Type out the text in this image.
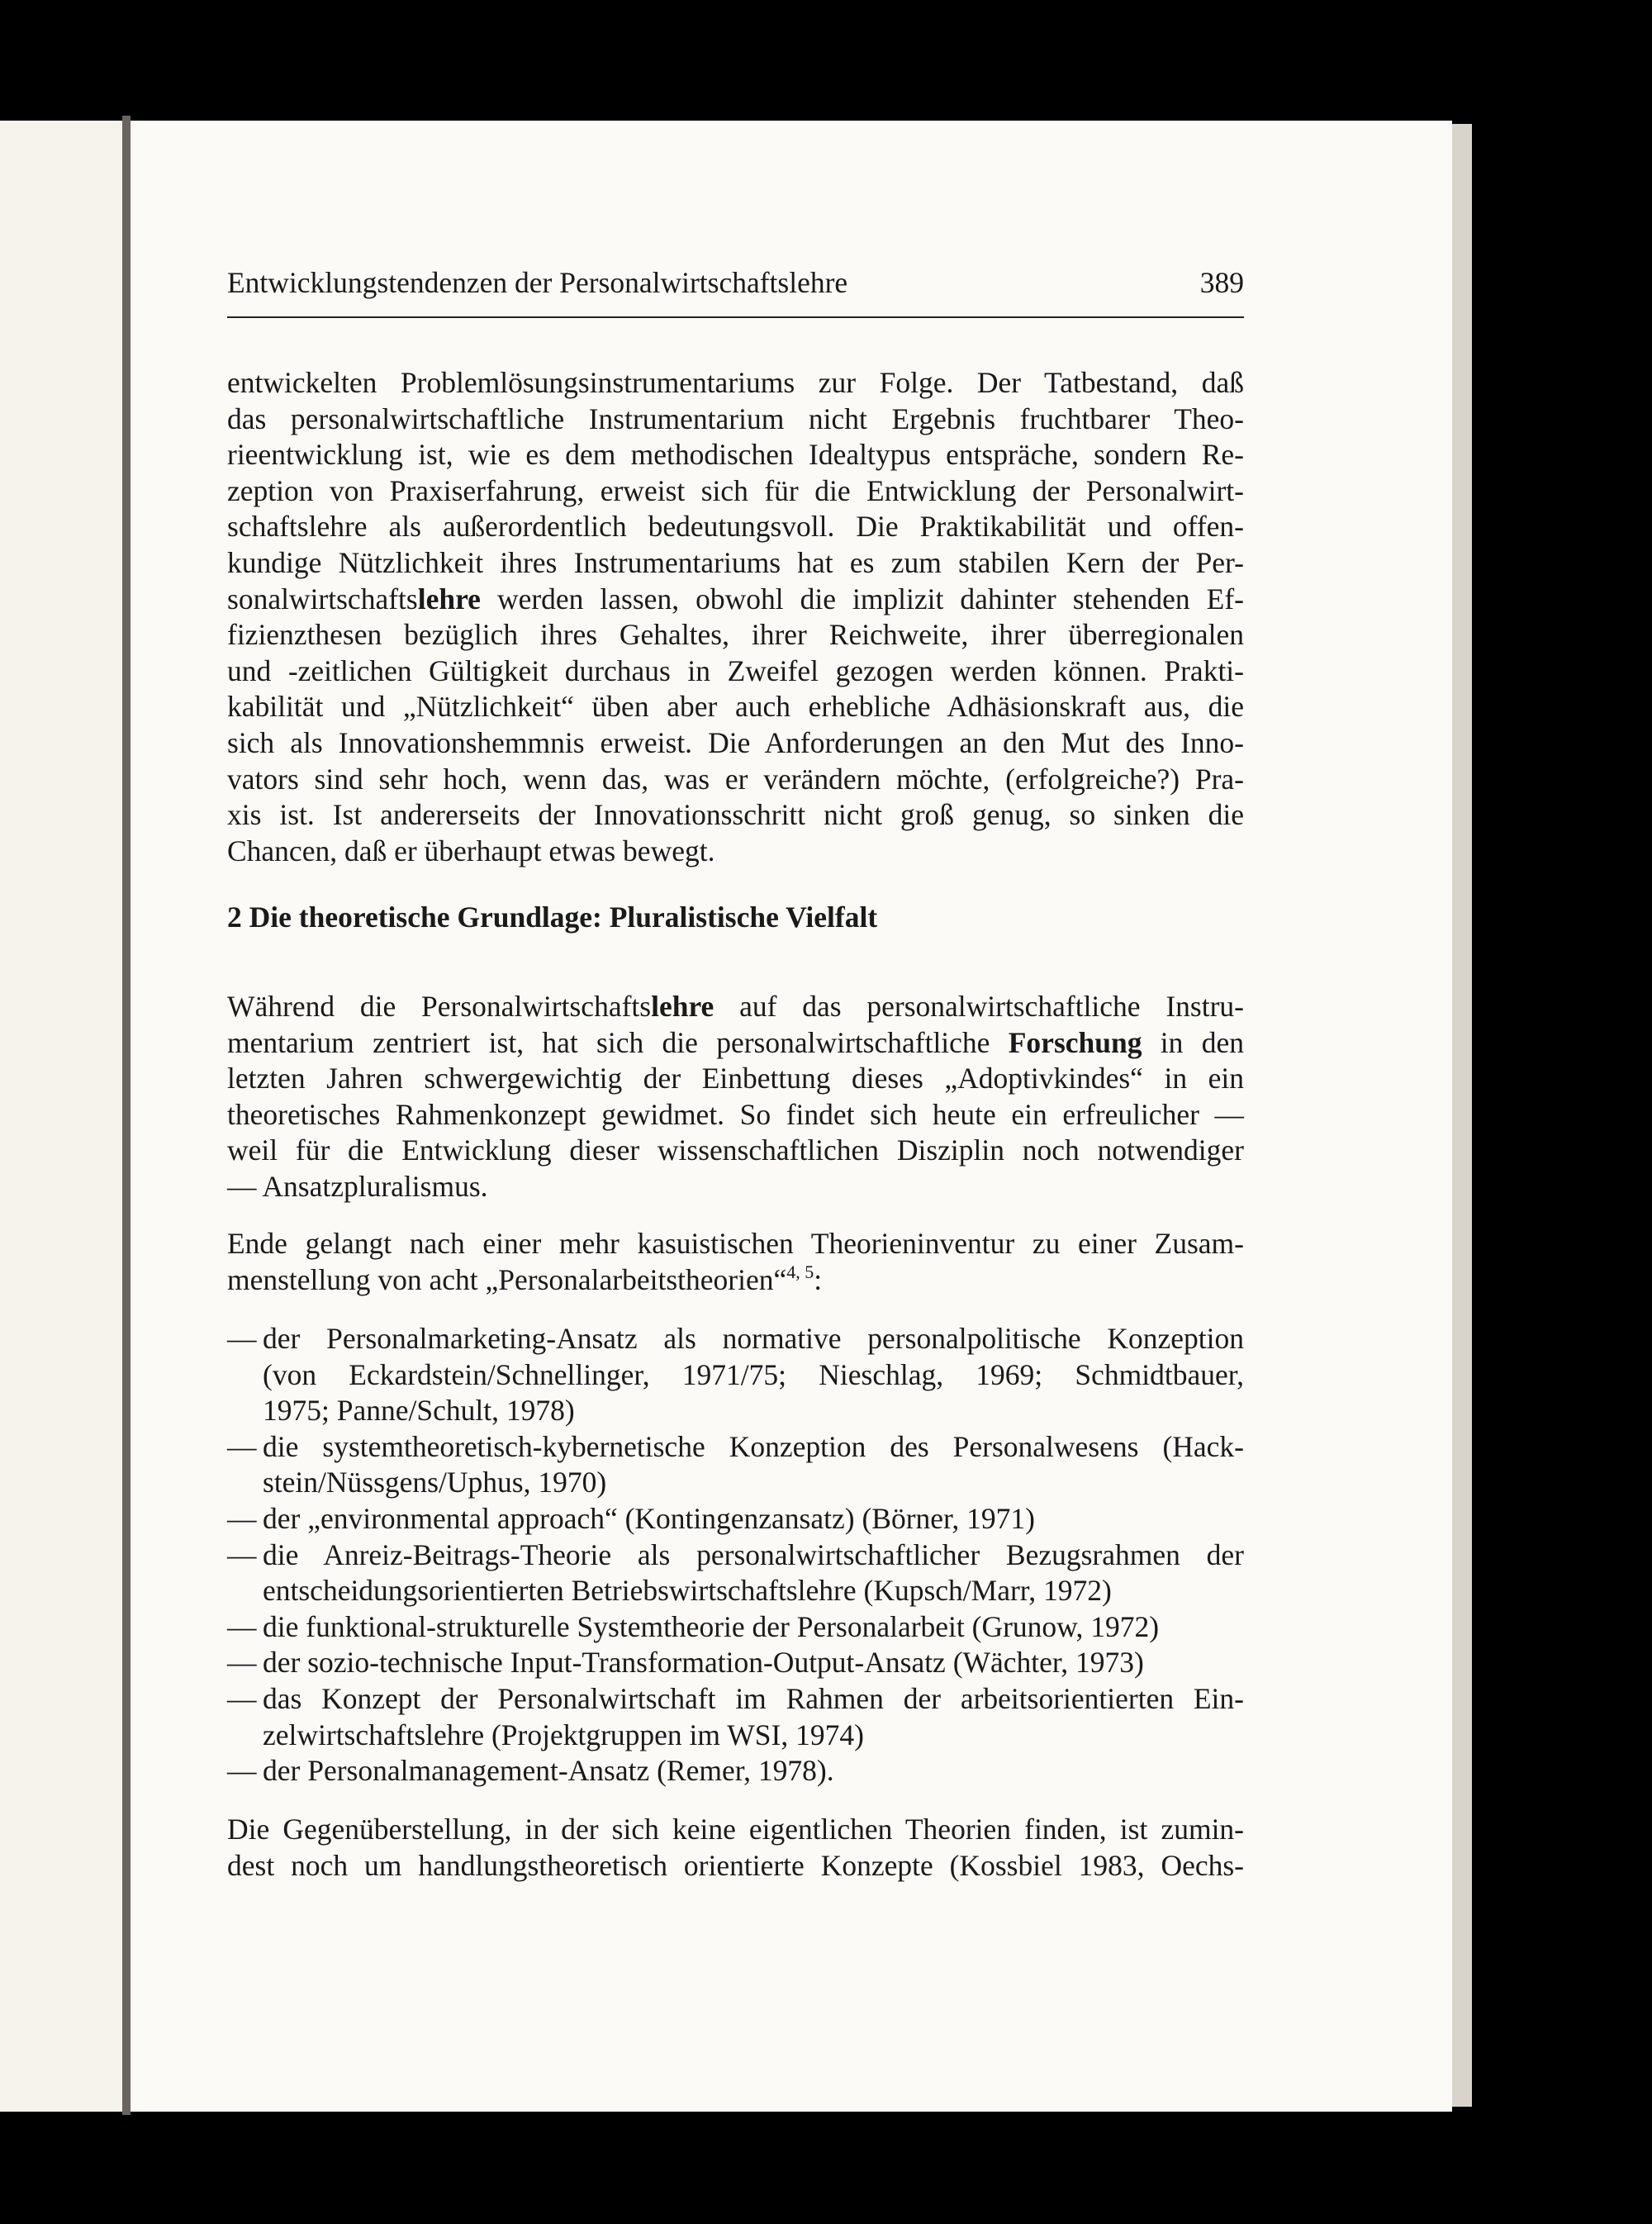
Entwicklungstendenzen der Personalwirtschaftslehre	389
entwickelten Problemlösungsinstrumentariums zur Folge. Der Tatbestand, daß
das personalwirtschaftliche Instrumentarium nicht Ergebnis fruchtbarer Theo-
rieentwicklung ist, wie es dem methodischen Idealtypus entspräche, sondern Re-
zeption von Praxiserfahrung, erweist sich für die Entwicklung der Personalwirt-
schaftslehre als außerordentlich bedeutungsvoll. Die Praktikabilität und offen-
kundige Nützlichkeit ihres Instrumentariums hat es zum stabilen Kern der Per-
sonalwirtschaftslehre werden lassen, obwohl die implizit dahinter stehenden Ef-
fizienzthesen bezüglich ihres Gehaltes, ihrer Reichweite, ihrer überregionalen
und -zeitlichen Gültigkeit durchaus in Zweifel gezogen werden können. Prakti-
kabilität und „Nützlichkeit“ üben aber auch erhebliche Adhäsionskraft aus, die
sich als Innovationshemmnis erweist. Die Anforderungen an den Mut des Inno-
vators sind sehr hoch, wenn das, was er verändern möchte, (erfolgreiche?) Pra-
xis ist. Ist andererseits der Innovationsschritt nicht groß genug, so sinken die
Chancen, daß er überhaupt etwas bewegt.
2 Die theoretische Grundlage: Pluralistische Vielfalt
Während die Personalwirtschaftslehre auf das personalwirtschaftliche Instru-
mentarium zentriert ist, hat sich die personalwirtschaftliche Forschung in den
letzten Jahren schwergewichtig der Einbettung dieses „Adoptivkindes“ in ein
theoretisches Rahmenkonzept gewidmet. So findet sich heute ein erfreulicher —
weil für die Entwicklung dieser wissenschaftlichen Disziplin noch notwendiger
— Ansatzpluralismus.
Ende gelangt nach einer mehr kasuistischen Theorieninventur zu einer Zusam-
menstellung von acht „Personalarbeitstheorien“$^{4, 5}$:
— der Personalmarketing-Ansatz als normative personalpolitische Konzeption
(von Eckardstein/Schnellinger, 1971/75; Nieschlag, 1969; Schmidtbauer,
1975; Panne/Schult, 1978)
— die systemtheoretisch-kybernetische Konzeption des Personalwesens (Hack-
stein/Nüssgens/Uphus, 1970)
— der „environmental approach“ (Kontingenzansatz) (Börner, 1971)
— die Anreiz-Beitrags-Theorie als personalwirtschaftlicher Bezugsrahmen der
entscheidungsorientierten Betriebswirtschaftslehre (Kupsch/Marr, 1972)
— die funktional-strukturelle Systemtheorie der Personalarbeit (Grunow, 1972)
— der sozio-technische Input-Transformation-Output-Ansatz (Wächter, 1973)
— das Konzept der Personalwirtschaft im Rahmen der arbeitsorientierten Ein-
zelwirtschaftslehre (Projektgruppen im WSI, 1974)
— der Personalmanagement-Ansatz (Remer, 1978).
Die Gegenüberstellung, in der sich keine eigentlichen Theorien finden, ist zumin-
dest noch um handlungstheoretisch orientierte Konzepte (Kossbiel 1983, Oechs-
